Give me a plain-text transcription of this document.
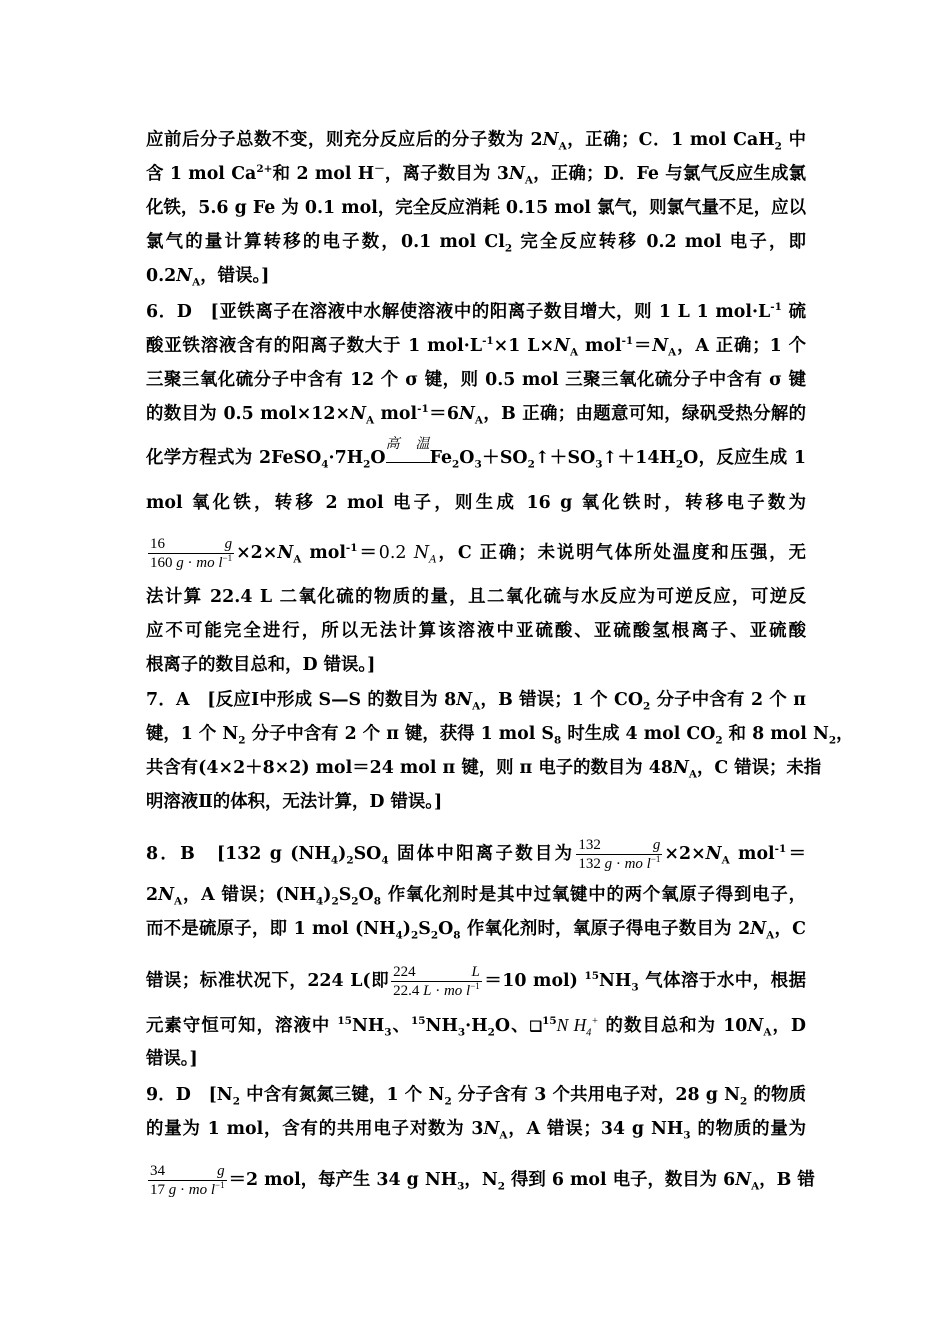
应前后分子总数不变，则充分反应后的分子数为 $2N_A$，正确；C．1 mol CaH$_2$ 中
含 1 mol $Ca^{2+}$和 2 mol H－，离子数目为 $3N_A$，正确；D．Fe 与氯气反应生成氯
化铁，5.6 g Fe 为 0.1 mol，完全反应消耗 0.15 mol 氯气，则氯气量不足，应以
氯气的量计算转移的电子数，0.1 mol $Cl_2$ 完全反应转移 0.2 mol 电子，即
$0.2N_A$，错误。]
6．D　[亚铁离子在溶液中水解使溶液中的阳离子数目增大，则 1 L 1 $mol\cdot L^{-1}$ 硫
酸亚铁溶液含有的阳离子数大于 1 $mol\cdot L^{-1}\times 1$ $L\times N_A$ $mol^{-1}=N_A$，A 正确；1 个
三聚三氧化硫分子中含有 12 个 σ 键，则 0.5 mol 三聚三氧化硫分子中含有 σ 键
的数目为 0.5 $mol\times 12\times N_A$ $mol^{-1}=6N_A$，B 正确；由题意可知，绿矾受热分解的
化学方程式为 $2FeSO_4\cdot 7H_2O$
高温
$Fe_2O_3+SO_2↑+SO_3↑+14H_2O$，反应生成 1
mol 氧化铁，转移 2 mol 电子，则生成 16 g 氧化铁时，转移电子数为
$\frac{16 g}{160 g \cdot mo l^{-1}} \times 2\times N_A$ mol$^{-1}$＝0.2 $N_A$，C 正确；未说明气体所处温度和压强，无
法计算 22.4 L 二氧化硫的物质的量，且二氧化硫与水反应为可逆反应，可逆反
应不可能完全进行，所以无法计算该溶液中亚硫酸、亚硫酸氢根离子、亚硫酸
根离子的数目总和，D 错误。]
7．A　[反应Ⅰ中形成 S—S 的数目为 $8N_A$，B 错误；1 个 $CO_2$ 分子中含有 2 个 π
键，1 个 $N_2$ 分子中含有 2 个 π 键，获得 1 mol $S_8$ 时生成 4 mol $CO_2$ 和 8 mol $N_2$，
共含有(4×2＋8×2) mol＝24 mol π 键，则 π 电子的数目为 $48N_A$，C 错误；未指
明溶液Ⅱ的体积，无法计算，D 错误。]
8．B　[132 g $(NH_4)_2SO_4$ 固体中阳离子数目为 $\frac{132 g}{132 g \cdot mo l^{-1}} \times 2\times N_A$ mol$^{-1}$＝
$2N_A$，A 错误；$(NH_4)_2S_2O_8$ 作氧化剂时是其中过氧键中的两个氧原子得到电子，
而不是硫原子，即 1 mol $(NH_4)_2S_2O_8$ 作氧化剂时，氧原子得电子数目为 $2N_A$，C
错误；标准状况下，224 L(即 $\frac{224 L}{22.4 L \cdot mo l^{-1}} =10$ mol) $^{15}NH_3$ 气体溶于水中，根据
元素守恒可知，溶液中 $^{15}NH_3$、$^{15}NH_3\cdot H_2O$、❑$^{15}$N $H_4^+$ 的数目总和为 $10N_A$，D
错误。]
9．D　[$N_2$ 中含有氮氮三键，1 个 $N_2$ 分子含有 3 个共用电子对，28 g $N_2$ 的物质
的量为 1 mol，含有的共用电子对数为 $3N_A$，A 错误；34 g $NH_3$ 的物质的量为
$\frac{34 g}{17 g \cdot mo l^{-1}} =2$ mol，每产生 34 g $NH_3$，$N_2$ 得到 6 mol 电子，数目为 $6N_A$，B 错
